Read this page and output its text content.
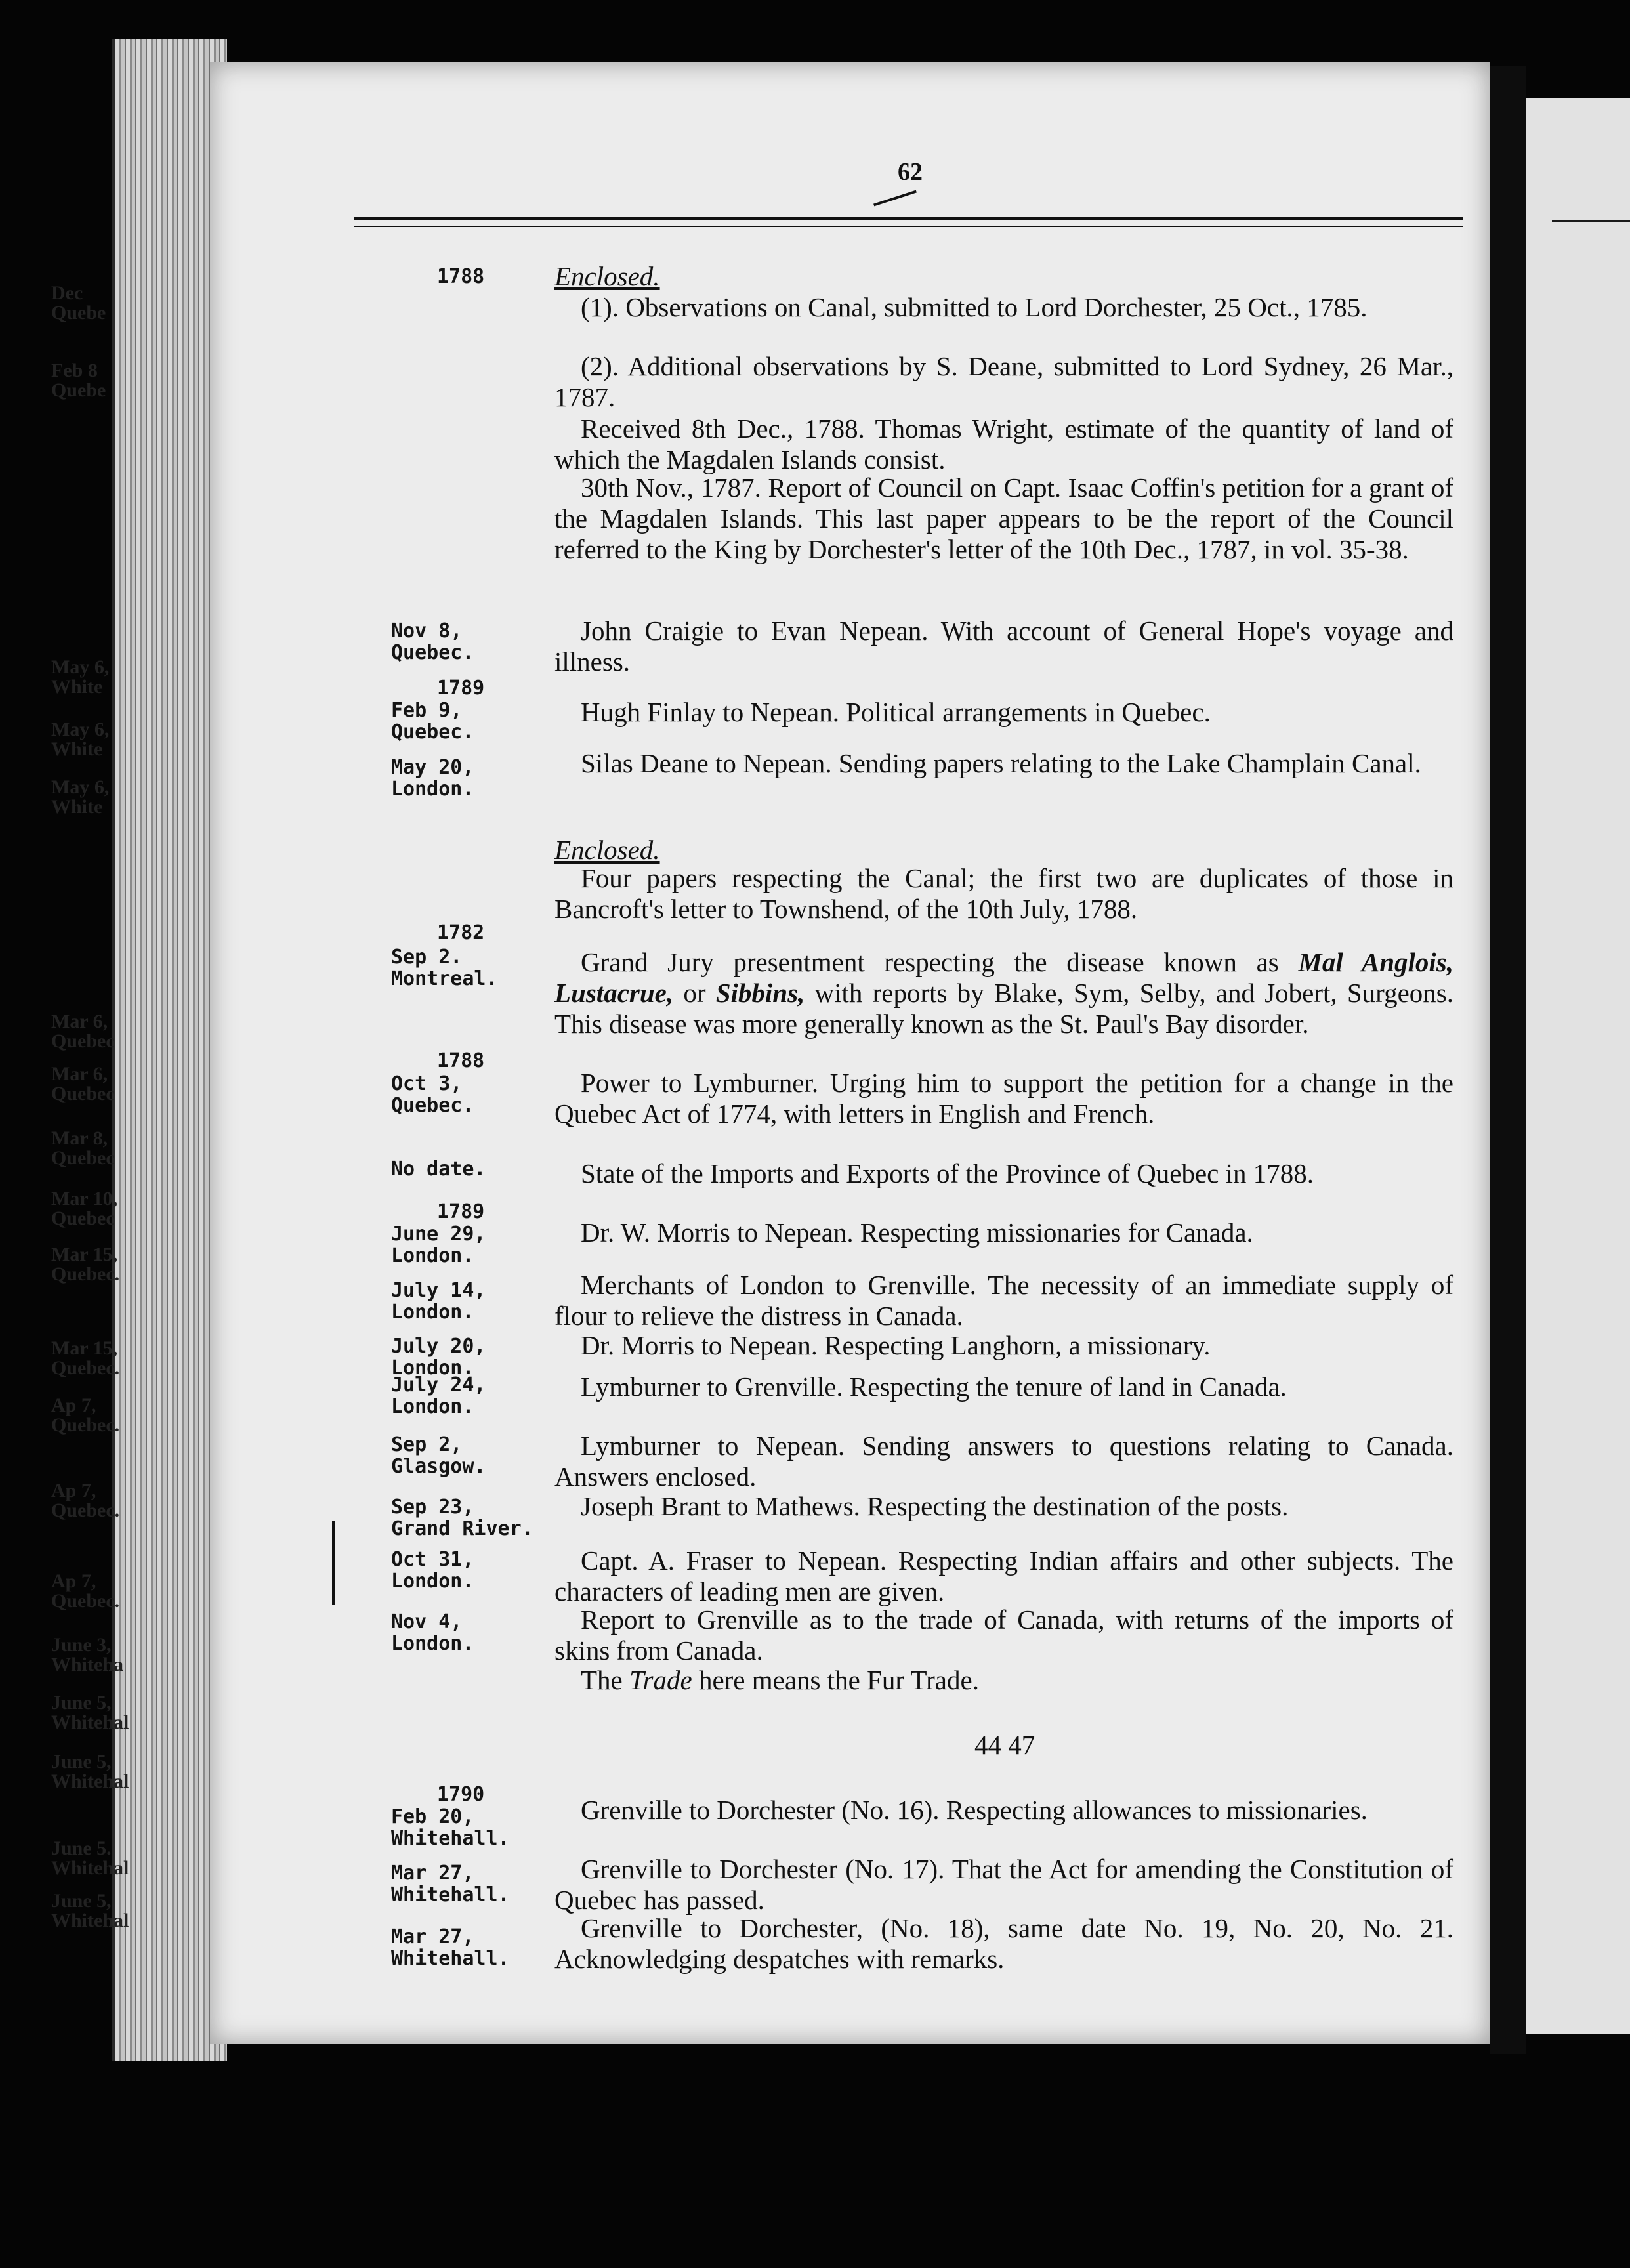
62
1788
Nov 8,
Quebec.
1789
Feb 9,
Quebec.
May 20,
London.
1782
Sep 2.
Montreal.
1788
Oct 3,
Quebec.
No date.
1789
June 29,
London.
July 14,
London.
July 20,
London.
July 24,
London.
Sep 2,
Glasgow.
Sep 23,
Grand River.
Oct 31,
London.
Nov 4,
London.
1790
Feb 20,
Whitehall.
Mar 27,
Whitehall.
Mar 27,
Whitehall.
Enclosed.
(1). Observations on Canal, submitted to Lord Dorchester, 25 Oct., 1785.
(2). Additional observations by S. Deane, submitted to Lord Sydney, 26 Mar., 1787.
Received 8th Dec., 1788. Thomas Wright, estimate of the quantity of land of which the Magdalen Islands consist.
30th Nov., 1787. Report of Council on Capt. Isaac Coffin's petition for a grant of the Magdalen Islands. This last paper appears to be the report of the Council referred to the King by Dorchester's letter of the 10th Dec., 1787, in vol. 35-38.
John Craigie to Evan Nepean. With account of General Hope's voyage and illness.
Hugh Finlay to Nepean. Political arrangements in Quebec.
Silas Deane to Nepean. Sending papers relating to the Lake Champlain Canal.
Enclosed.
Four papers respecting the Canal; the first two are duplicates of those in Bancroft's letter to Townshend, of the 10th July, 1788.
Grand Jury presentment respecting the disease known as Mal Anglois, Lustacrue, or Sibbins, with reports by Blake, Sym, Selby, and Jobert, Surgeons. This disease was more generally known as the St. Paul's Bay disorder.
Power to Lymburner. Urging him to support the petition for a change in the Quebec Act of 1774, with letters in English and French.
State of the Imports and Exports of the Province of Quebec in 1788.
Dr. W. Morris to Nepean. Respecting missionaries for Canada.
Merchants of London to Grenville. The necessity of an immediate supply of flour to relieve the distress in Canada.
Dr. Morris to Nepean. Respecting Langhorn, a missionary.
Lymburner to Grenville. Respecting the tenure of land in Canada.
Lymburner to Nepean. Sending answers to questions relating to Canada. Answers enclosed.
Joseph Brant to Mathews. Respecting the destination of the posts.
Capt. A. Fraser to Nepean. Respecting Indian affairs and other subjects. The characters of leading men are given.
Report to Grenville as to the trade of Canada, with returns of the imports of skins from Canada.
The Trade here means the Fur Trade.
44 47
Grenville to Dorchester (No. 16). Respecting allowances to missionaries.
Grenville to Dorchester (No. 17). That the Act for amending the Constitution of Quebec has passed.
Grenville to Dorchester, (No. 18), same date No. 19, No. 20, No. 21. Acknowledging despatches with remarks.
Dec
Quebe
Feb 8
Quebe
May 6,
White
May 6,
White
May 6,
White
Mar 6,
Quebec
Mar 6,
Quebec
Mar 8,
Quebec
Mar 10,
Quebec
Mar 15,
Quebec.
Mar 15,
Quebec.
Ap 7,
Quebec.
Ap 7,
Quebec.
Ap 7,
Quebec.
June 3,
Whiteha
June 5,
Whitehal
June 5,
Whitehal
June 5.
Whitehal
June 5,
Whitehal
